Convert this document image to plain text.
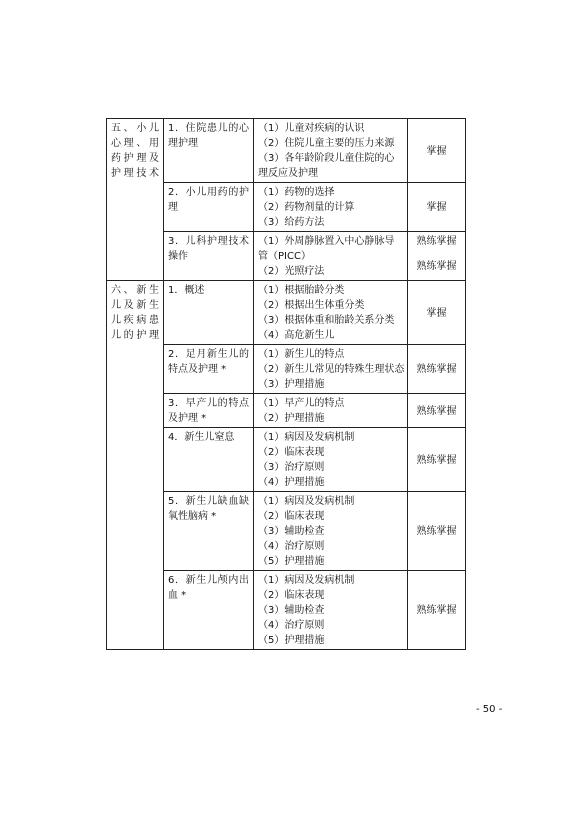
五、小儿心理、用药护理及护理技术	1．住院患儿的心理护理	（1）儿童对疾病的认识
（2）住院儿童主要的压力来源
（3）各年龄阶段儿童住院的心理反应及护理	掌握
	2．小儿用药的护理	（1）药物的选择
（2）药物剂量的计算
（3）给药方法	掌握
	3．儿科护理技术操作	（1）外周静脉置入中心静脉导管（PICC）
（2）光照疗法	熟练掌握
熟练掌握

六、新生儿及新生儿疾病患儿的护理	1．概述	（1）根据胎龄分类
（2）根据出生体重分类
（3）根据体重和胎龄关系分类
（4）高危新生儿	掌握
	2．足月新生儿的特点及护理 *	（1）新生儿的特点
（2）新生儿常见的特殊生理状态
（3）护理措施	熟练掌握
	3．早产儿的特点及护理 *	（1）早产儿的特点
（2）护理措施	熟练掌握
	4．新生儿窒息	（1）病因及发病机制
（2）临床表现
（3）治疗原则
（4）护理措施	熟练掌握
	5．新生儿缺血缺氧性脑病 *	（1）病因及发病机制
（2）临床表现
（3）辅助检查
（4）治疗原则
（5）护理措施	熟练掌握
	6．新生儿颅内出血 *	（1）病因及发病机制
（2）临床表现
（3）辅助检查
（4）治疗原则
（5）护理措施	熟练掌握
- 50 -
